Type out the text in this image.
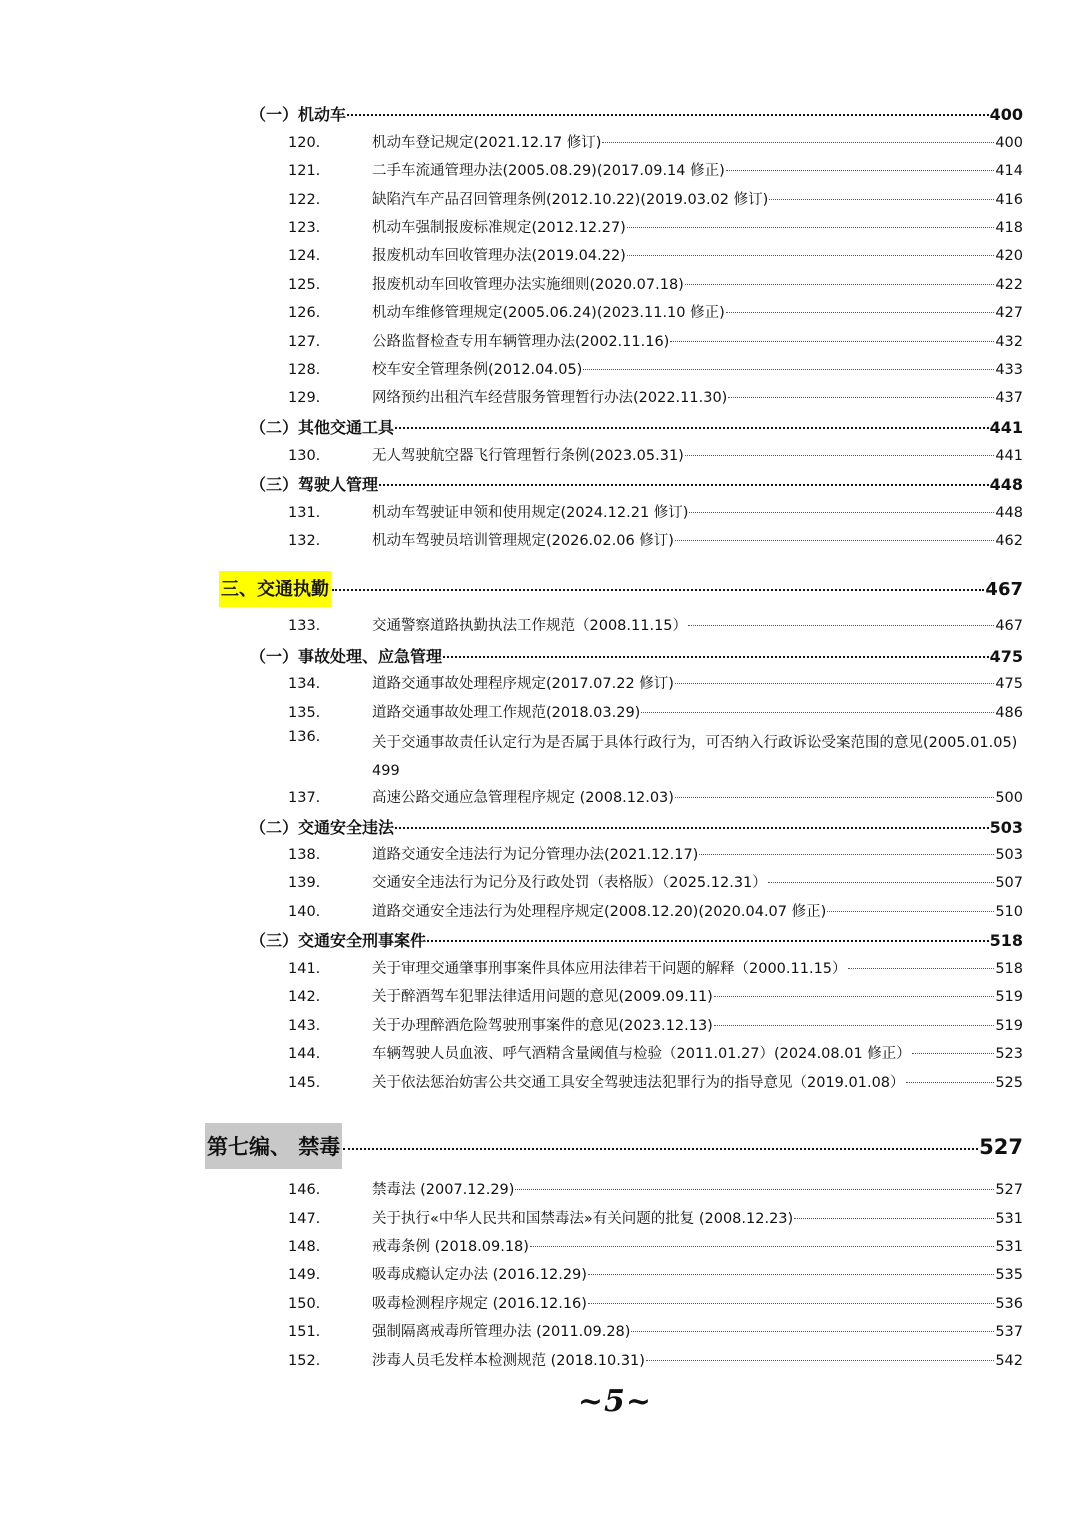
（一）机动车	400
120.	机动车登记规定(2021.12.17 修订)	400
121.	二手车流通管理办法(2005.08.29)(2017.09.14 修正)	414
122.	缺陷汽车产品召回管理条例(2012.10.22)(2019.03.02 修订)	416
123.	机动车强制报废标准规定(2012.12.27)	418
124.	报废机动车回收管理办法(2019.04.22)	420
125.	报废机动车回收管理办法实施细则(2020.07.18)	422
126.	机动车维修管理规定(2005.06.24)(2023.11.10 修正)	427
127.	公路监督检查专用车辆管理办法(2002.11.16)	432
128.	校车安全管理条例(2012.04.05)	433
129.	网络预约出租汽车经营服务管理暂行办法(2022.11.30)	437
（二）其他交通工具	441
130.	无人驾驶航空器飞行管理暂行条例(2023.05.31)	441
（三）驾驶人管理	448
131.	机动车驾驶证申领和使用规定(2024.12.21 修订)	448
132.	机动车驾驶员培训管理规定(2026.02.06 修订)	462
三、交通执勤	467
133.	交通警察道路执勤执法工作规范（2008.11.15）	467
（一）事故处理、应急管理	475
134.	道路交通事故处理程序规定(2017.07.22 修订)	475
135.	道路交通事故处理工作规范(2018.03.29)	486
136.	关于交通事故责任认定行为是否属于具体行政行为，可否纳入行政诉讼受案范围的意见(2005.01.05)
499
137.	高速公路交通应急管理程序规定 (2008.12.03)	500
（二）交通安全违法	503
138.	道路交通安全违法行为记分管理办法(2021.12.17)	503
139.	交通安全违法行为记分及行政处罚（表格版）（2025.12.31）	507
140.	道路交通安全违法行为处理程序规定(2008.12.20)(2020.04.07 修正)	510
（三）交通安全刑事案件	518
141.	关于审理交通肇事刑事案件具体应用法律若干问题的解释（2000.11.15）	518
142.	关于醉酒驾车犯罪法律适用问题的意见(2009.09.11)	519
143.	关于办理醉酒危险驾驶刑事案件的意见(2023.12.13)	519
144.	车辆驾驶人员血液、呼气酒精含量阈值与检验（2011.01.27）(2024.08.01 修正）	523
145.	关于依法惩治妨害公共交通工具安全驾驶违法犯罪行为的指导意见（2019.01.08）	525
第七编、 禁毒	527
146.	禁毒法 (2007.12.29)	527
147.	关于执行«中华人民共和国禁毒法»有关问题的批复 (2008.12.23)	531
148.	戒毒条例 (2018.09.18)	531
149.	吸毒成瘾认定办法 (2016.12.29)	535
150.	吸毒检测程序规定 (2016.12.16)	536
151.	强制隔离戒毒所管理办法 (2011.09.28)	537
152.	涉毒人员毛发样本检测规范 (2018.10.31)	542
~5~
